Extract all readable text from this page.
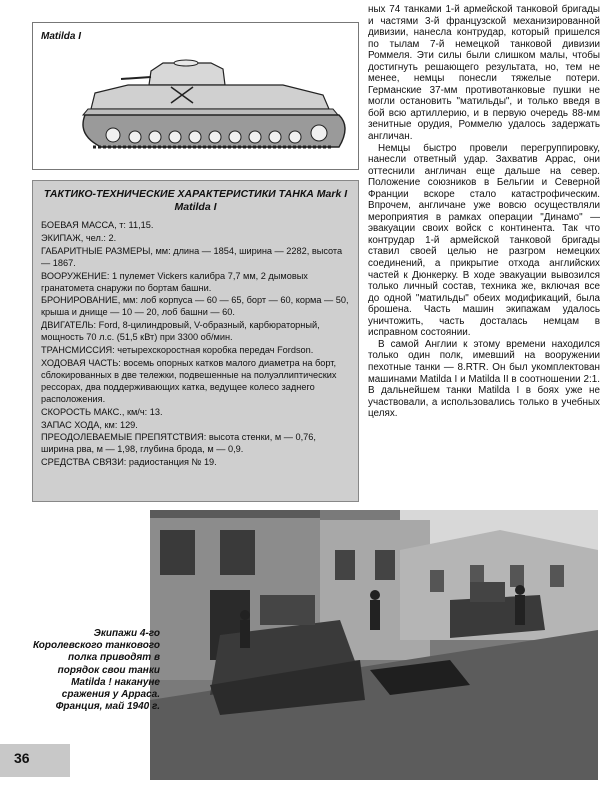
Matilda I
ТАКТИКО-ТЕХНИЧЕСКИЕ ХАРАКТЕРИСТИКИ ТАНКА Mark I
Matilda I

БОЕВАЯ МАССА, т: 11,15.

ЭКИПАЖ, чел.: 2.

ГАБАРИТНЫЕ РАЗМЕРЫ, мм: длина — 1854, ширина — 2282, высота — 1867.

ВООРУЖЕНИЕ: 1 пулемет Vickers калибра 7,7 мм, 2 дымовых гранатомета снаружи по бортам башни.

БРОНИРОВАНИЕ, мм: лоб корпуса — 60 — 65, борт — 60, корма — 50, крыша и днище — 10 — 20, лоб башни — 60.

ДВИГАТЕЛЬ: Ford, 8-цилиндровый, V-образный, карбюраторный, мощность 70 л.с. (51,5 кВт) при 3300 об/мин.

ТРАНСМИССИЯ: четырехскоростная коробка передач Fordson.

ХОДОВАЯ ЧАСТЬ: восемь опорных катков малого диаметра на борт, сблокированных в две тележки, подвешенные на полуэллиптических рессорах, два поддерживающих катка, ведущее колесо заднего расположения.

СКОРОСТЬ МАКС., км/ч: 13.

ЗАПАС ХОДА, км: 129.

ПРЕОДОЛЕВАЕМЫЕ ПРЕПЯТСТВИЯ: высота стенки, м — 0,76, ширина рва, м — 1,98, глубина брода, м — 0,9.

СРЕДСТВА СВЯЗИ: радиостанция № 19.

ных 74 танками 1-й армейской танковой бригады и частями 3-й французской механизированной дивизии, нанесла контрудар, который пришелся по тылам 7-й немецкой танковой дивизии Роммеля. Эти силы были слишком малы, чтобы достигнуть решающего результата, но, тем не менее, немцы понесли тяжелые потери. Германские 37-мм противотанковые пушки не могли остановить "матильды", и только введя в бой всю артиллерию, и в первую очередь 88-мм зенитные орудия, Роммелю удалось задержать англичан.

Немцы быстро провели перегруппировку, нанесли ответный удар. Захватив Аррас, они оттеснили англичан еще дальше на север. Положение союзников в Бельгии и Северной Франции вскоре стало катастрофическим. Впрочем, англичане уже вовсю осуществляли мероприятия в рамках операции "Динамо" — эвакуации своих войск с континента. Так что контрудар 1-й армейской танковой бригады ставил своей целью не разгром немецких соединений, а прикрытие отхода английских частей к Дюнкерку. В ходе эвакуации вывозился только личный состав, техника же, включая все до одной "матильды" обеих модификаций, была брошена. Часть машин экипажам удалось уничтожить, часть досталась немцам в исправном состоянии.

В самой Англии к этому времени находился только один полк, имевший на вооружении пехотные танки — 8.RTR. Он был укомплектован машинами Matilda I и Matilda II в соотношении 2:1. В дальнейшем танки Matilda I в боях уже не участвовали, а использовались только в учебных целях.

Экипажи 4-го Королевского танкового полка приводят в порядок свои танки Matilda ! накануне сражения у Арраса. Франция, май 1940 г.
36
